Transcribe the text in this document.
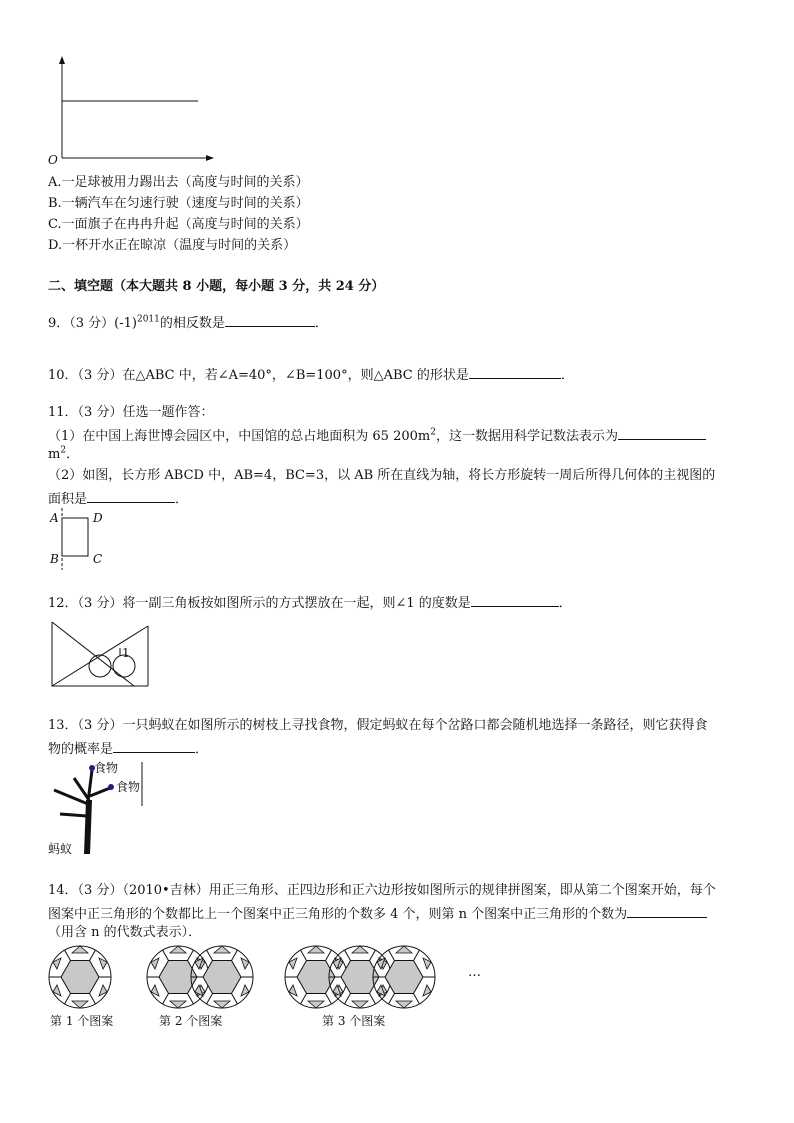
O
A.一足球被用力踢出去（高度与时间的关系）
B.一辆汽车在匀速行驶（速度与时间的关系）
C.一面旗子在冉冉升起（高度与时间的关系）
D.一杯开水正在晾凉（温度与时间的关系）
二、填空题（本大题共 8 小题，每小题 3 分，共 24 分）
9．（3 分）$(-1)^{2011}$的相反数是	．
10．（3 分）在△ABC 中，若∠A=40°，∠B=100°，则△ABC 的形状是	．
11．（3 分）任选一题作答：
（1）在中国上海世博会园区中，中国馆的总占地面积为 65 $200m^2$，这一数据用科学记数法表示为
$m^2$．
（2）如图，长方形 ABCD 中，AB=4，BC=3，以 AB 所在直线为轴，将长方形旋转一周后所得几何体的主视图的
面积是	．
A	D
B	C
12．（3 分）将一副三角板按如图所示的方式摆放在一起，则∠1 的度数是	．
1
13．（3 分）一只蚂蚁在如图所示的树枝上寻找食物，假定蚂蚁在每个岔路口都会随机地选择一条路径，则它获得食
物的概率是	．
食物
食物
蚂蚁
14．（3 分）（2010•吉林）用正三角形、正四边形和正六边形按如图所示的规律拼图案，即从第二个图案开始，每个
图案中正三角形的个数都比上一个图案中正三角形的个数多 4 个，则第 n 个图案中正三角形的个数为
（用含 n 的代数式表示）．
…
第 1 个图案	第 2 个图案	第 3 个图案
